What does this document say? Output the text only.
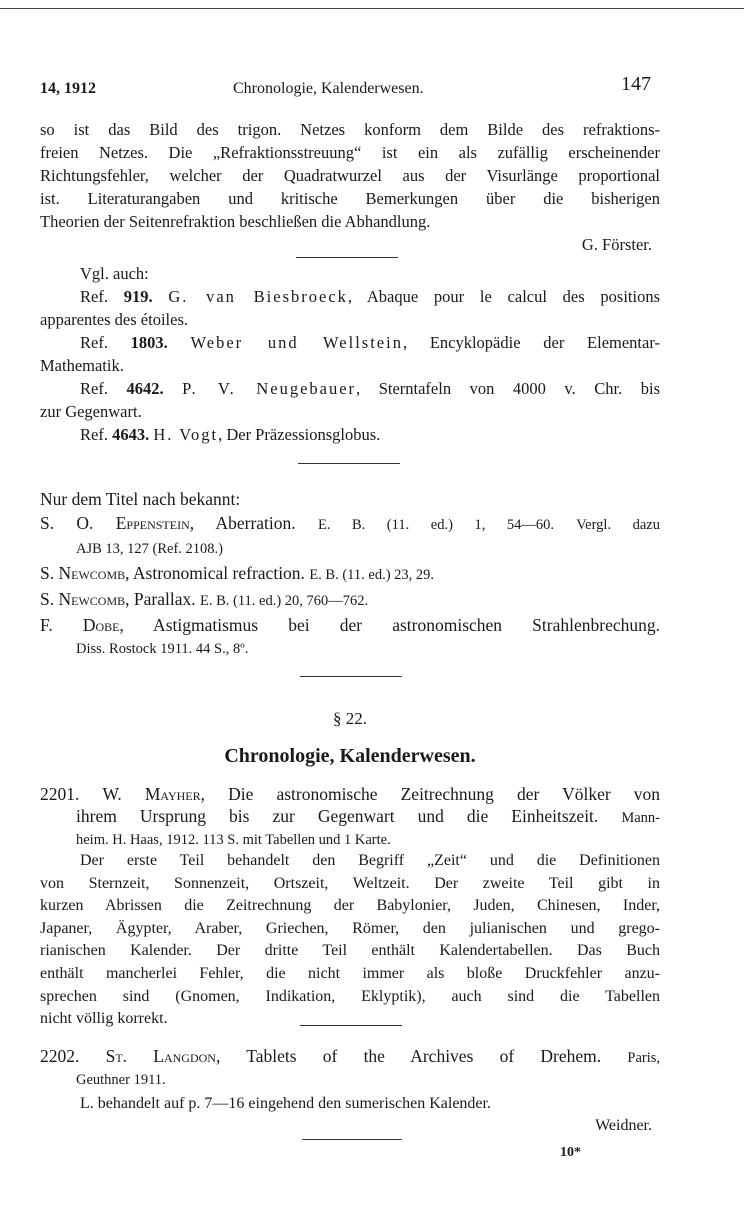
14, 1912	Chronologie, Kalenderwesen.	147
so ist das Bild des trigon. Netzes konform dem Bilde des refraktions-
freien Netzes. Die „Refraktionsstreuung“ ist ein als zufällig erscheinender
Richtungsfehler, welcher der Quadratwurzel aus der Visurlänge proportional
ist. Literaturangaben und kritische Bemerkungen über die bisherigen
Theorien der Seitenrefraktion beschließen die Abhandlung.
G. Förster.
Vgl. auch:
Ref. 919. G. van Biesbroeck, Abaque pour le calcul des positions
apparentes des étoiles.
Ref. 1803. Weber und Wellstein, Encyklopädie der Elementar-
Mathematik.
Ref. 4642. P. V. Neugebauer, Sterntafeln von 4000 v. Chr. bis
zur Gegenwart.
Ref. 4643. H. Vogt, Der Präzessionsglobus.
Nur dem Titel nach bekannt:
S. O. Eppenstein, Aberration. E. B. (11. ed.) 1, 54—60. Vergl. dazu
AJB 13, 127 (Ref. 2108.)
S. Newcomb, Astronomical refraction. E. B. (11. ed.) 23, 29.
S. Newcomb, Parallax. E. B. (11. ed.) 20, 760—762.
F. Dobe, Astigmatismus bei der astronomischen Strahlenbrechung.
Diss. Rostock 1911. 44 S., 8º.
§ 22.
Chronologie, Kalenderwesen.
2201. W. Mayher, Die astronomische Zeitrechnung der Völker von
ihrem Ursprung bis zur Gegenwart und die Einheitszeit. Mann-
heim. H. Haas, 1912. 113 S. mit Tabellen und 1 Karte.
Der erste Teil behandelt den Begriff „Zeit“ und die Definitionen
von Sternzeit, Sonnenzeit, Ortszeit, Weltzeit. Der zweite Teil gibt in
kurzen Abrissen die Zeitrechnung der Babylonier, Juden, Chinesen, Inder,
Japaner, Ägypter, Araber, Griechen, Römer, den julianischen und grego-
rianischen Kalender. Der dritte Teil enthält Kalendertabellen. Das Buch
enthält mancherlei Fehler, die nicht immer als bloße Druckfehler anzu-
sprechen sind (Gnomen, Indikation, Eklyptik), auch sind die Tabellen
nicht völlig korrekt.
2202. St. Langdon, Tablets of the Archives of Drehem. Paris,
Geuthner 1911.
L. behandelt auf p. 7—16 eingehend den sumerischen Kalender.
Weidner.
10*
